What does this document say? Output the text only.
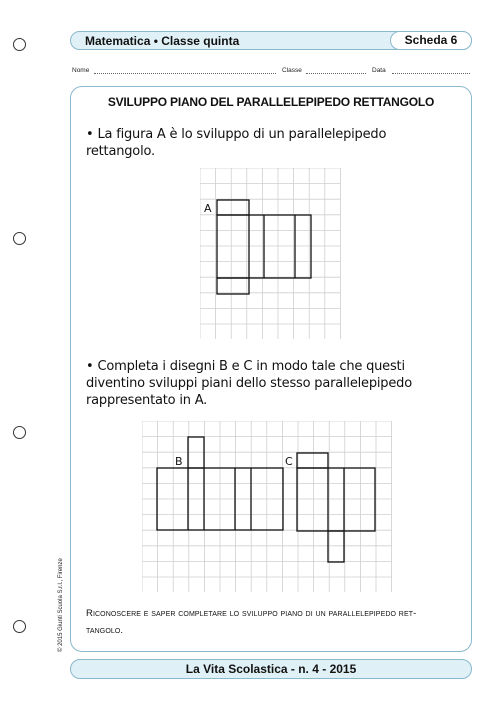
Matematica • Classe quinta	Scheda 6
Nome	Classe	Data
SVILUPPO PIANO DEL PARALLELEPIPEDO RETTANGOLO
• La figura A è lo sviluppo di un parallelepipedo
rettangolo.
A
• Completa i disegni B e C in modo tale che questi
diventino sviluppi piani dello stesso parallelepipedo
rappresentato in A.
B	C
Riconoscere e saper completare lo sviluppo piano di un parallelepipedo ret-
tangolo.
© 2015 Giunti Scuola S.r.l., Firenze
La Vita Scolastica - n. 4 - 2015
